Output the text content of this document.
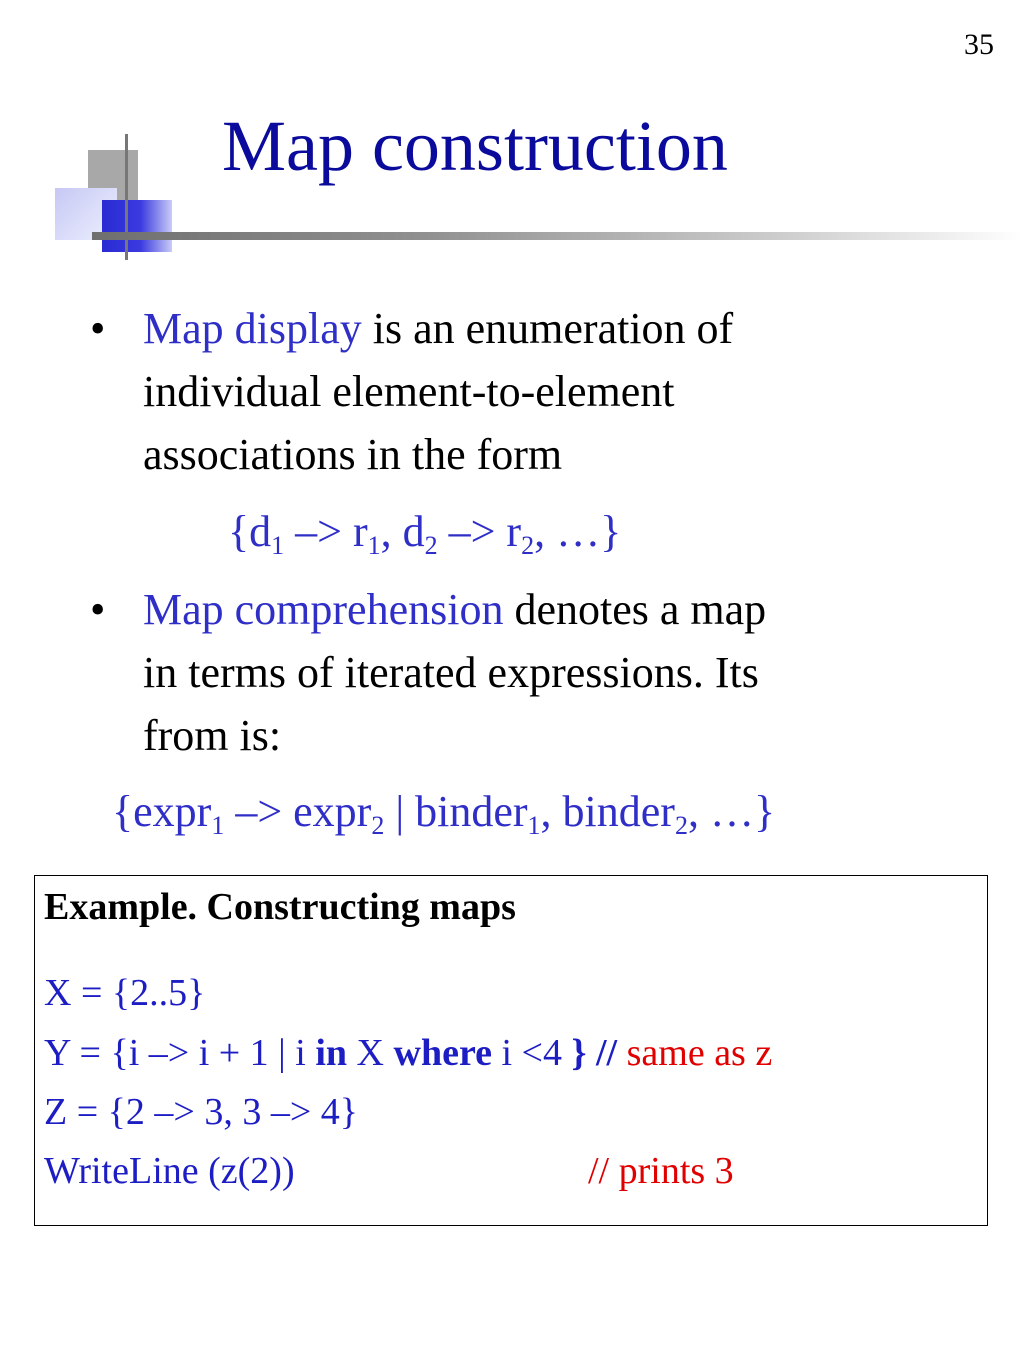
35
Map construction
• Map display is an enumeration of
individual element-to-element
associations in the form
{$d_1 -> r_1$, $d_2 -> r_2$, …}
• Map comprehension denotes a map
in terms of iterated expressions. Its
from is:
{expr$_1$ –> expr$_2$ | binder$_1$, binder$_2$, …}
Example. Constructing maps
X = {2..5}
Y = {i –> i + 1 | i in X where i <4 } // same as z
Z = {2 –> 3, 3 –> 4}
WriteLine (z(2))	// prints 3
